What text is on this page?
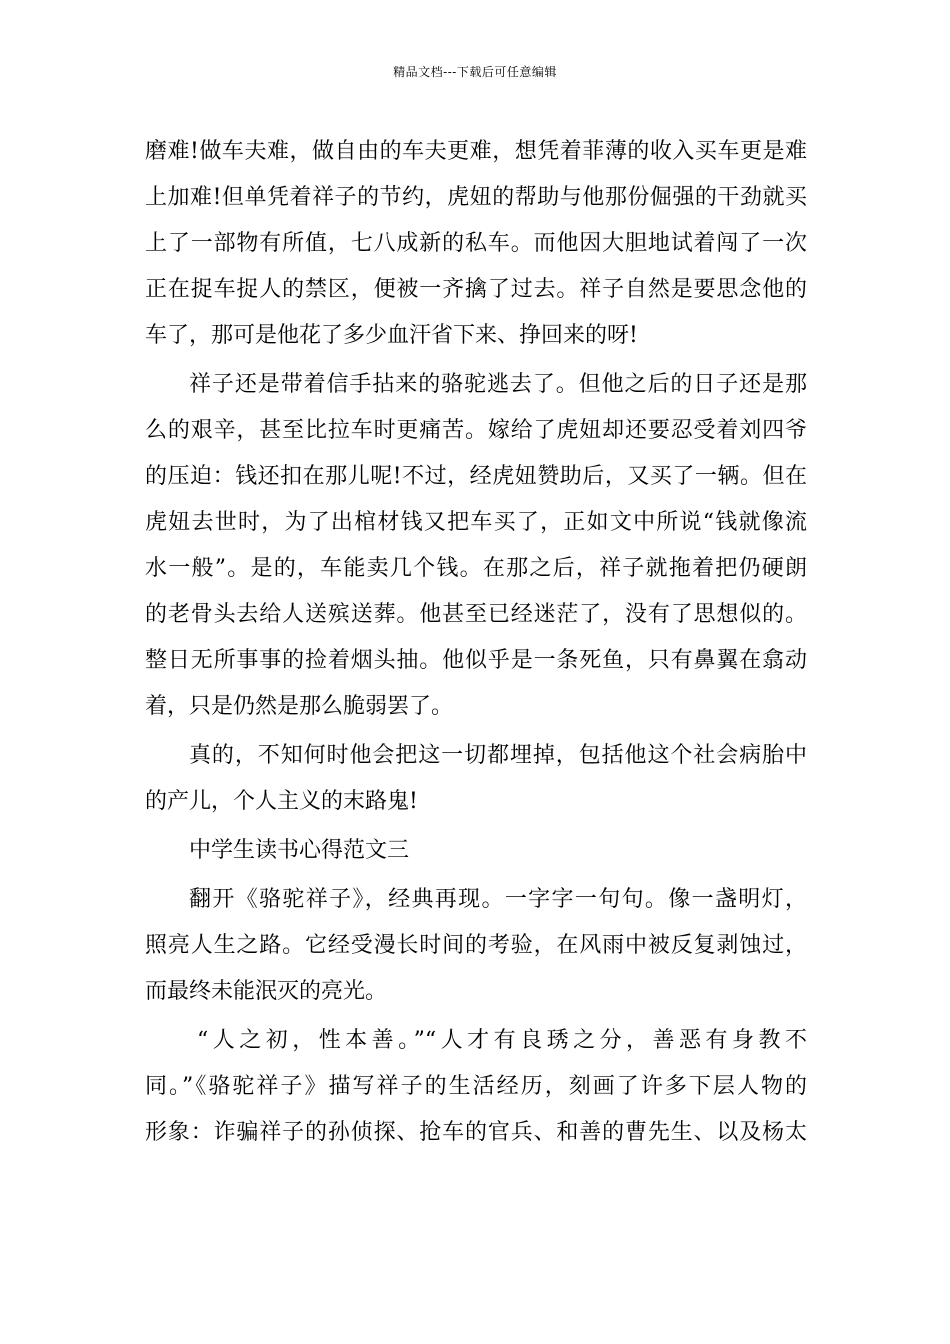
精品文档---下载后可任意编辑
磨难!做车夫难，做自由的车夫更难，想凭着菲薄的收入买车更是难
上加难!但单凭着祥子的节约，虎妞的帮助与他那份倔强的干劲就买
上了一部物有所值，七八成新的私车。而他因大胆地试着闯了一次
正在捉车捉人的禁区，便被一齐擒了过去。祥子自然是要思念他的
车了，那可是他花了多少血汗省下来、挣回来的呀!
祥子还是带着信手拈来的骆驼逃去了。但他之后的日子还是那
么的艰辛，甚至比拉车时更痛苦。嫁给了虎妞却还要忍受着刘四爷
的压迫：钱还扣在那儿呢!不过，经虎妞赞助后，又买了一辆。但在
虎妞去世时，为了出棺材钱又把车买了，正如文中所说“钱就像流
水一般”。是的，车能卖几个钱。在那之后，祥子就拖着把仍硬朗
的老骨头去给人送殡送葬。他甚至已经迷茫了，没有了思想似的。
整日无所事事的捡着烟头抽。他似乎是一条死鱼，只有鼻翼在翕动
着，只是仍然是那么脆弱罢了。
真的，不知何时他会把这一切都埋掉，包括他这个社会病胎中
的产儿，个人主义的末路鬼!
中学生读书心得范文三
翻开《骆驼祥子》，经典再现。一字字一句句。像一盏明灯，
照亮人生之路。它经受漫长时间的考验，在风雨中被反复剥蚀过，
而最终未能泯灭的亮光。
“人之初，性本善。”“人才有良琇之分，善恶有身教不
同。”《骆驼祥子》描写祥子的生活经历，刻画了许多下层人物的
形象：诈骗祥子的孙侦探、抢车的官兵、和善的曹先生、以及杨太
